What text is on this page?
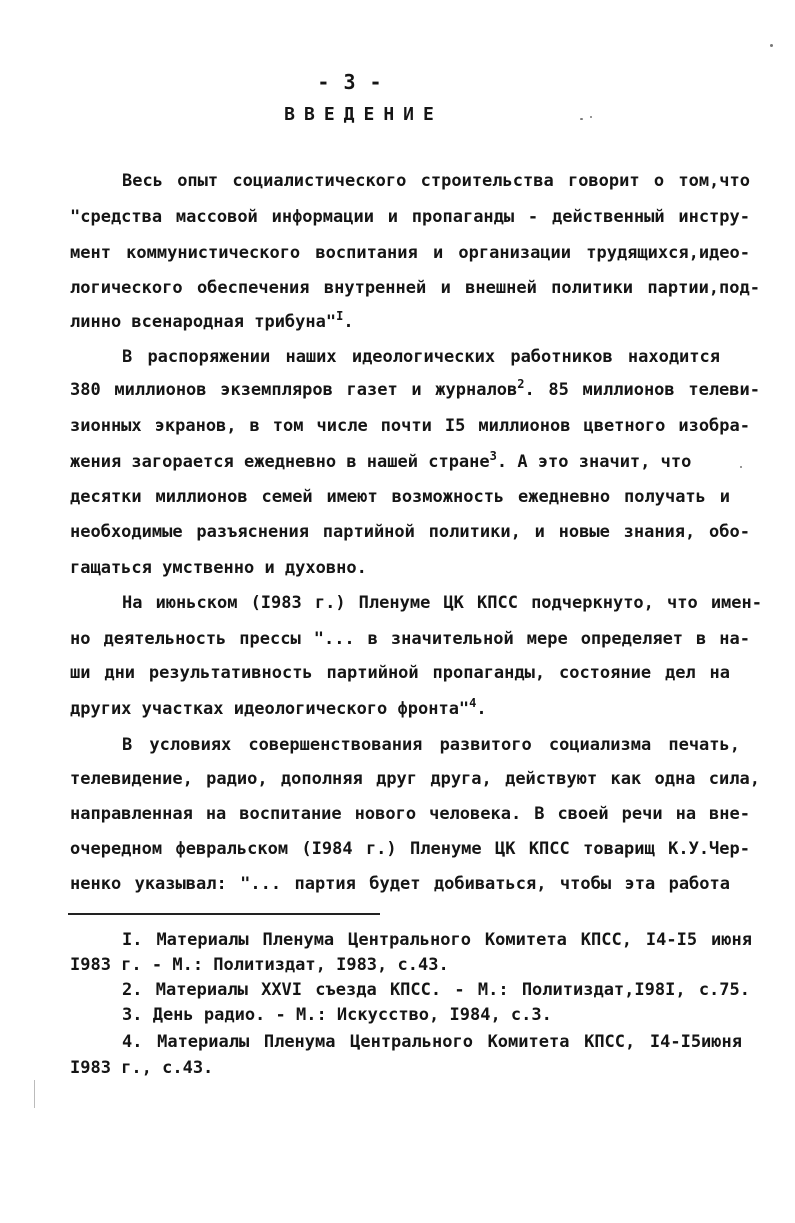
- 3 -
ВВЕДЕНИЕ
Весь опыт социалистического строительства говорит о том,что
"средства массовой информации и пропаганды - действенный инстру-
мент коммунистического воспитания и организации трудящихся,идео-
логического обеспечения внутренней и внешней политики партии,под-
линно всенародная трибуна"$^I$.
В распоряжении наших идеологических работников находится
380 миллионов экземпляров газет и журналов$^2$. 85 миллионов телеви-
зионных экранов, в том числе почти I5 миллионов цветного изобра-
жения загорается ежедневно в нашей стране$^3$. А это значит, что
десятки миллионов семей имеют возможность ежедневно получать и
необходимые разъяснения партийной политики, и новые знания, обо-
гащаться умственно и духовно.
На июньском (I983 г.) Пленуме ЦК КПСС подчеркнуто, что имен-
но деятельность прессы "... в значительной мере определяет в на-
ши дни результативность партийной пропаганды, состояние дел на
других участках идеологического фронта"$^4$.
В условиях совершенствования развитого социализма печать,
телевидение, радио, дополняя друг друга, действуют как одна сила,
направленная на воспитание нового человека. В своей речи на вне-
очередном февральском (I984 г.) Пленуме ЦК КПСС товарищ К.У.Чер-
ненко указывал: "... партия будет добиваться, чтобы эта работа
I. Материалы Пленума Центрального Комитета КПСС, I4-I5 июня
I983 г. - М.: Политиздат, I983, с.43.
2. Материалы ХХVI съезда КПСС. - М.: Политиздат,I98I, с.75.
3. День радио. - М.: Искусство, I984, с.3.
4. Материалы Пленума Центрального Комитета КПСС, I4-I5июня
I983 г., с.43.
